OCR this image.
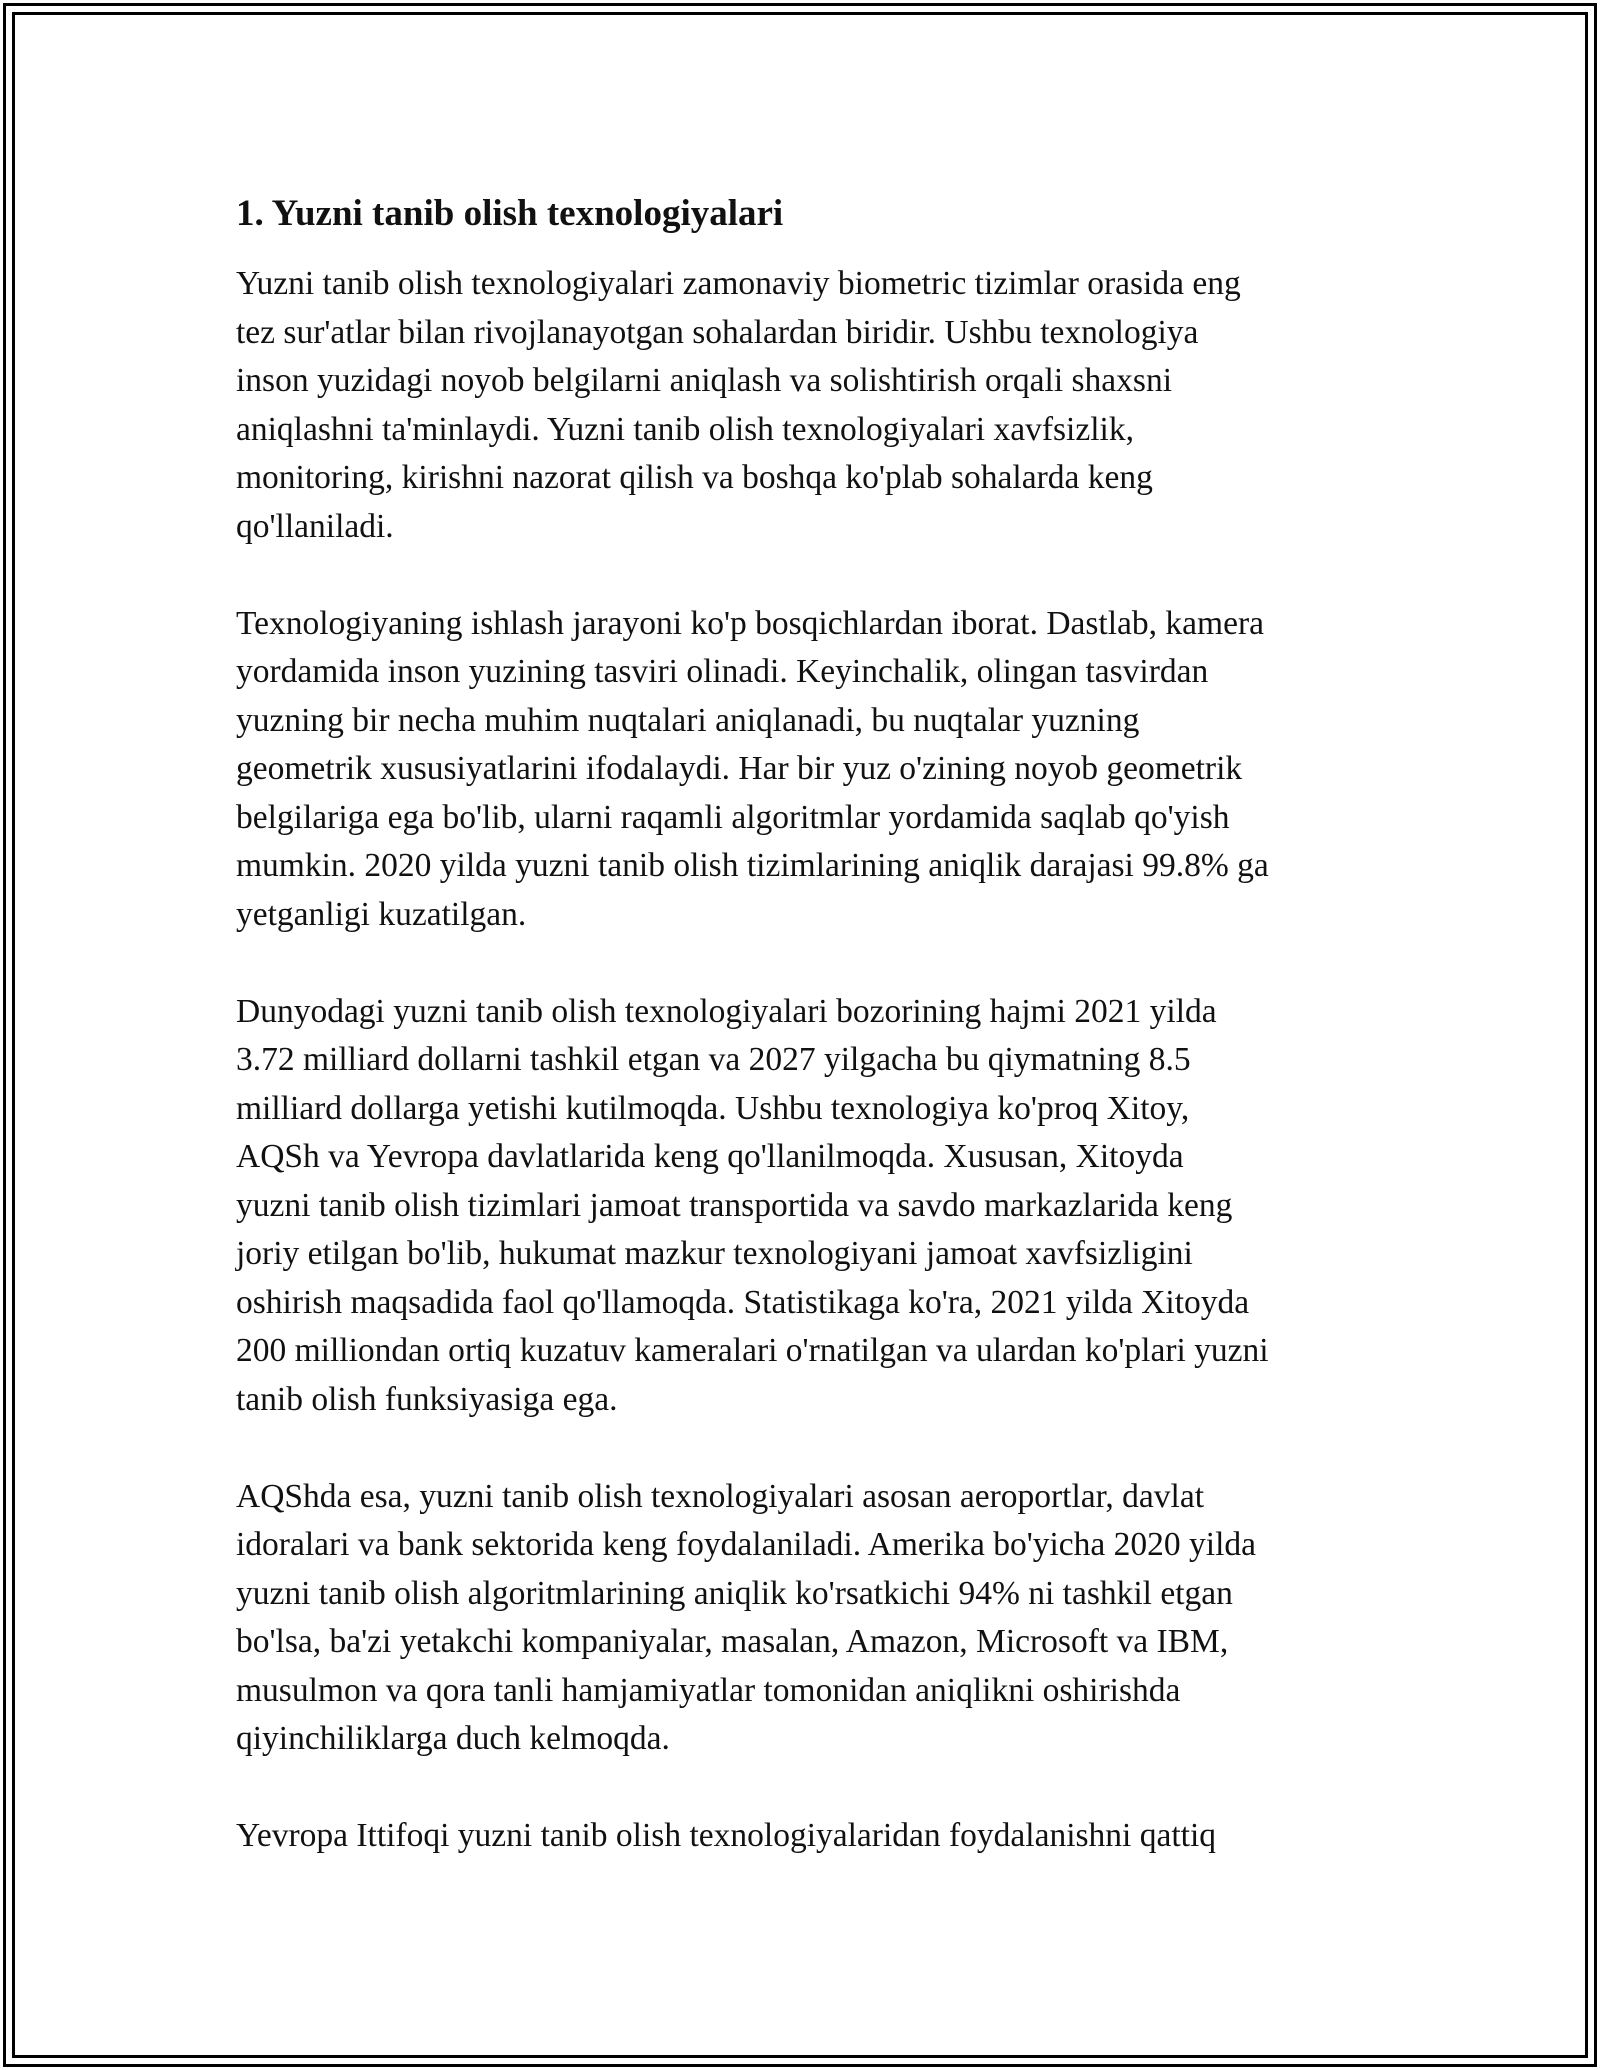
1. Yuzni tanib olish texnologiyalari

Yuzni tanib olish texnologiyalari zamonaviy biometric tizimlar orasida eng
tez sur'atlar bilan rivojlanayotgan sohalardan biridir. Ushbu texnologiya
inson yuzidagi noyob belgilarni aniqlash va solishtirish orqali shaxsni
aniqlashni ta'minlaydi. Yuzni tanib olish texnologiyalari xavfsizlik,
monitoring, kirishni nazorat qilish va boshqa ko'plab sohalarda keng
qo'llaniladi.

Texnologiyaning ishlash jarayoni ko'p bosqichlardan iborat. Dastlab, kamera
yordamida inson yuzining tasviri olinadi. Keyinchalik, olingan tasvirdan
yuzning bir necha muhim nuqtalari aniqlanadi, bu nuqtalar yuzning
geometrik xususiyatlarini ifodalaydi. Har bir yuz o'zining noyob geometrik
belgilariga ega bo'lib, ularni raqamli algoritmlar yordamida saqlab qo'yish
mumkin. 2020 yilda yuzni tanib olish tizimlarining aniqlik darajasi 99.8% ga
yetganligi kuzatilgan.

Dunyodagi yuzni tanib olish texnologiyalari bozorining hajmi 2021 yilda
3.72 milliard dollarni tashkil etgan va 2027 yilgacha bu qiymatning 8.5
milliard dollarga yetishi kutilmoqda. Ushbu texnologiya ko'proq Xitoy,
AQSh va Yevropa davlatlarida keng qo'llanilmoqda. Xususan, Xitoyda
yuzni tanib olish tizimlari jamoat transportida va savdo markazlarida keng
joriy etilgan bo'lib, hukumat mazkur texnologiyani jamoat xavfsizligini
oshirish maqsadida faol qo'llamoqda. Statistikaga ko'ra, 2021 yilda Xitoyda
200 milliondan ortiq kuzatuv kameralari o'rnatilgan va ulardan ko'plari yuzni
tanib olish funksiyasiga ega.

AQShda esa, yuzni tanib olish texnologiyalari asosan aeroportlar, davlat
idoralari va bank sektorida keng foydalaniladi. Amerika bo'yicha 2020 yilda
yuzni tanib olish algoritmlarining aniqlik ko'rsatkichi 94% ni tashkil etgan
bo'lsa, ba'zi yetakchi kompaniyalar, masalan, Amazon, Microsoft va IBM,
musulmon va qora tanli hamjamiyatlar tomonidan aniqlikni oshirishda
qiyinchiliklarga duch kelmoqda.

Yevropa Ittifoqi yuzni tanib olish texnologiyalaridan foydalanishni qattiq
